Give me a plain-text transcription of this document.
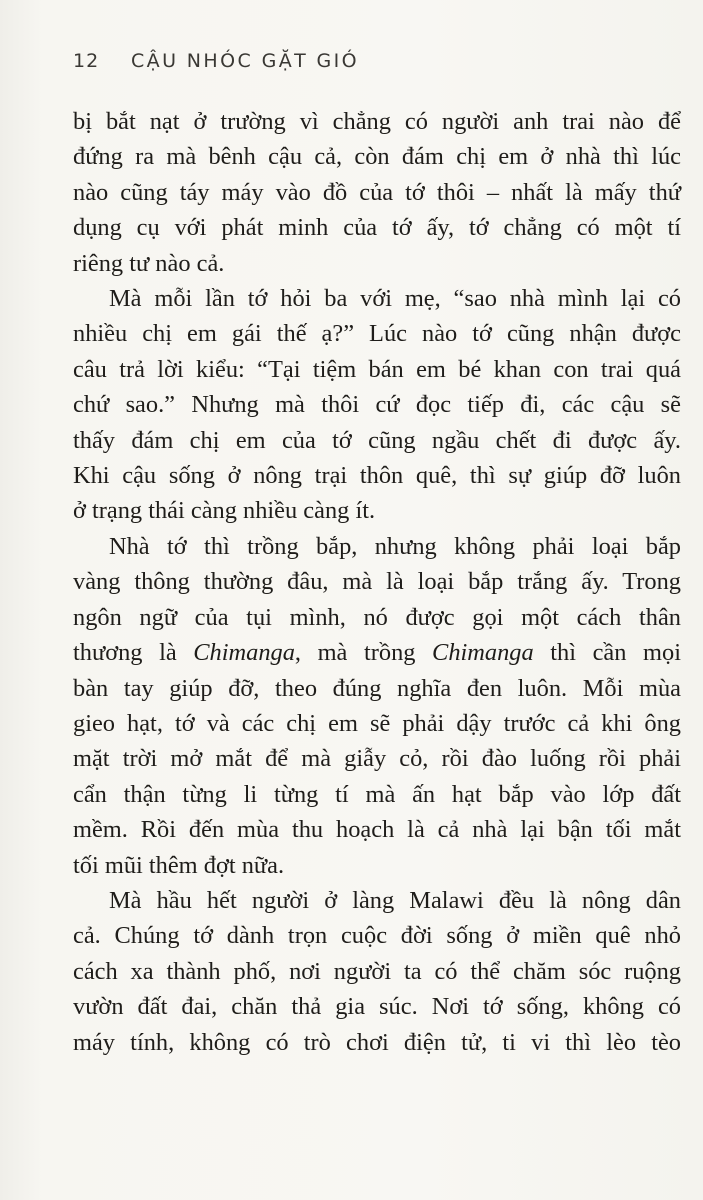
12 CẬU NHÓC GẶT GIÓ

bị bắt nạt ở trường vì chẳng có người anh trai nào để
đứng ra mà bênh cậu cả, còn đám chị em ở nhà thì lúc
nào cũng táy máy vào đồ của tớ thôi – nhất là mấy thứ
dụng cụ với phát minh của tớ ấy, tớ chẳng có một tí
riêng tư nào cả.

Mà mỗi lần tớ hỏi ba với mẹ, “sao nhà mình lại có
nhiều chị em gái thế ạ?” Lúc nào tớ cũng nhận được
câu trả lời kiểu: “Tại tiệm bán em bé khan con trai quá
chứ sao.” Nhưng mà thôi cứ đọc tiếp đi, các cậu sẽ
thấy đám chị em của tớ cũng ngầu chết đi được ấy.
Khi cậu sống ở nông trại thôn quê, thì sự giúp đỡ luôn
ở trạng thái càng nhiều càng ít.

Nhà tớ thì trồng bắp, nhưng không phải loại bắp
vàng thông thường đâu, mà là loại bắp trắng ấy. Trong
ngôn ngữ của tụi mình, nó được gọi một cách thân
thương là Chimanga, mà trồng Chimanga thì cần mọi
bàn tay giúp đỡ, theo đúng nghĩa đen luôn. Mỗi mùa
gieo hạt, tớ và các chị em sẽ phải dậy trước cả khi ông
mặt trời mở mắt để mà giẫy cỏ, rồi đào luống rồi phải
cẩn thận từng li từng tí mà ấn hạt bắp vào lớp đất
mềm. Rồi đến mùa thu hoạch là cả nhà lại bận tối mắt
tối mũi thêm đợt nữa.

Mà hầu hết người ở làng Malawi đều là nông dân
cả. Chúng tớ dành trọn cuộc đời sống ở miền quê nhỏ
cách xa thành phố, nơi người ta có thể chăm sóc ruộng
vườn đất đai, chăn thả gia súc. Nơi tớ sống, không có
máy tính, không có trò chơi điện tử, ti vi thì lèo tèo
